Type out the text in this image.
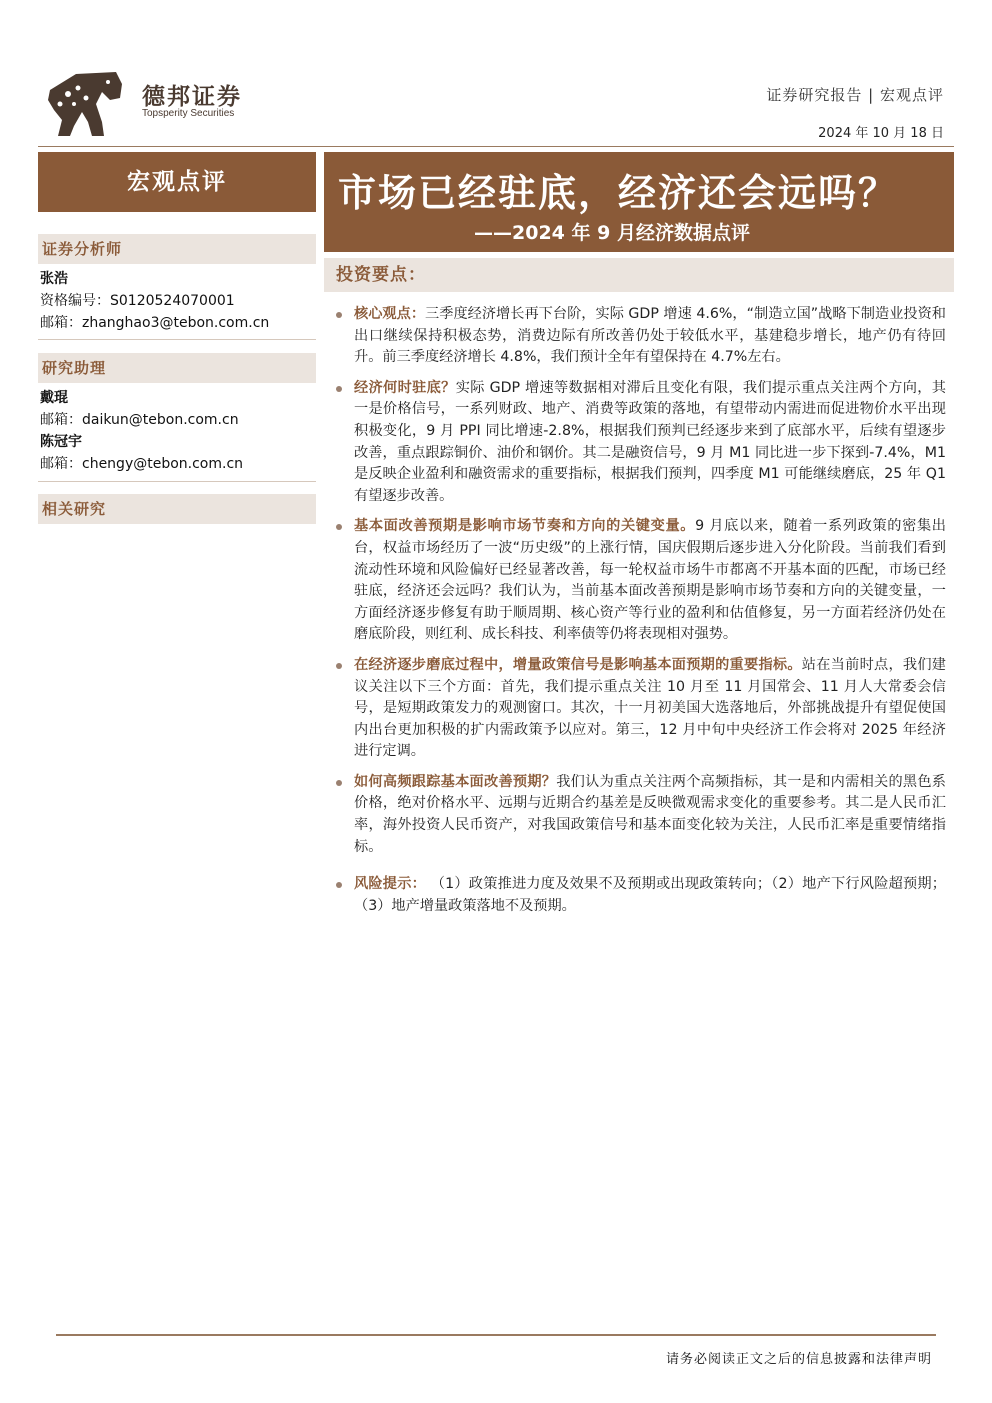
德邦证券
Topsperity Securities
证券研究报告 | 宏观点评
2024 年 10 月 18 日
宏观点评	市场已经驻底，经济还会远吗？
——2024 年 9 月经济数据点评
证券分析师
张浩
资格编号：S0120524070001
邮箱：zhanghao3@tebon.com.cn
研究助理
戴琨
邮箱：daikun@tebon.com.cn
陈冠宇
邮箱：chengy@tebon.com.cn
相关研究
投资要点：
核心观点：三季度经济增长再下台阶，实际 GDP 增速 4.6%，“制造立国”战略下制造业投资和出口继续保持积极态势，消费边际有所改善仍处于较低水平，基建稳步增长，地产仍有待回升。前三季度经济增长 4.8%，我们预计全年有望保持在 4.7%左右。
经济何时驻底？实际 GDP 增速等数据相对滞后且变化有限，我们提示重点关注两个方向，其一是价格信号，一系列财政、地产、消费等政策的落地，有望带动内需进而促进物价水平出现积极变化，9 月 PPI 同比增速-2.8%，根据我们预判已经逐步来到了底部水平，后续有望逐步改善，重点跟踪铜价、油价和钢价。其二是融资信号，9 月 M1 同比进一步下探到-7.4%，M1 是反映企业盈利和融资需求的重要指标，根据我们预判，四季度 M1 可能继续磨底，25 年 Q1 有望逐步改善。
基本面改善预期是影响市场节奏和方向的关键变量。9 月底以来，随着一系列政策的密集出台，权益市场经历了一波“历史级”的上涨行情，国庆假期后逐步进入分化阶段。当前我们看到流动性环境和风险偏好已经显著改善，每一轮权益市场牛市都离不开基本面的匹配，市场已经驻底，经济还会远吗？我们认为，当前基本面改善预期是影响市场节奏和方向的关键变量，一方面经济逐步修复有助于顺周期、核心资产等行业的盈利和估值修复，另一方面若经济仍处在磨底阶段，则红利、成长科技、利率债等仍将表现相对强势。
在经济逐步磨底过程中，增量政策信号是影响基本面预期的重要指标。站在当前时点，我们建议关注以下三个方面：首先，我们提示重点关注 10 月至 11 月国常会、11 月人大常委会信号，是短期政策发力的观测窗口。其次，十一月初美国大选落地后，外部挑战提升有望促使国内出台更加积极的扩内需政策予以应对。第三，12 月中旬中央经济工作会将对 2025 年经济进行定调。
如何高频跟踪基本面改善预期？我们认为重点关注两个高频指标，其一是和内需相关的黑色系价格，绝对价格水平、远期与近期合约基差是反映微观需求变化的重要参考。其二是人民币汇率，海外投资人民币资产，对我国政策信号和基本面变化较为关注，人民币汇率是重要情绪指标。
风险提示： （1）政策推进力度及效果不及预期或出现政策转向；（2）地产下行风险超预期；（3）地产增量政策落地不及预期。
请务必阅读正文之后的信息披露和法律声明
